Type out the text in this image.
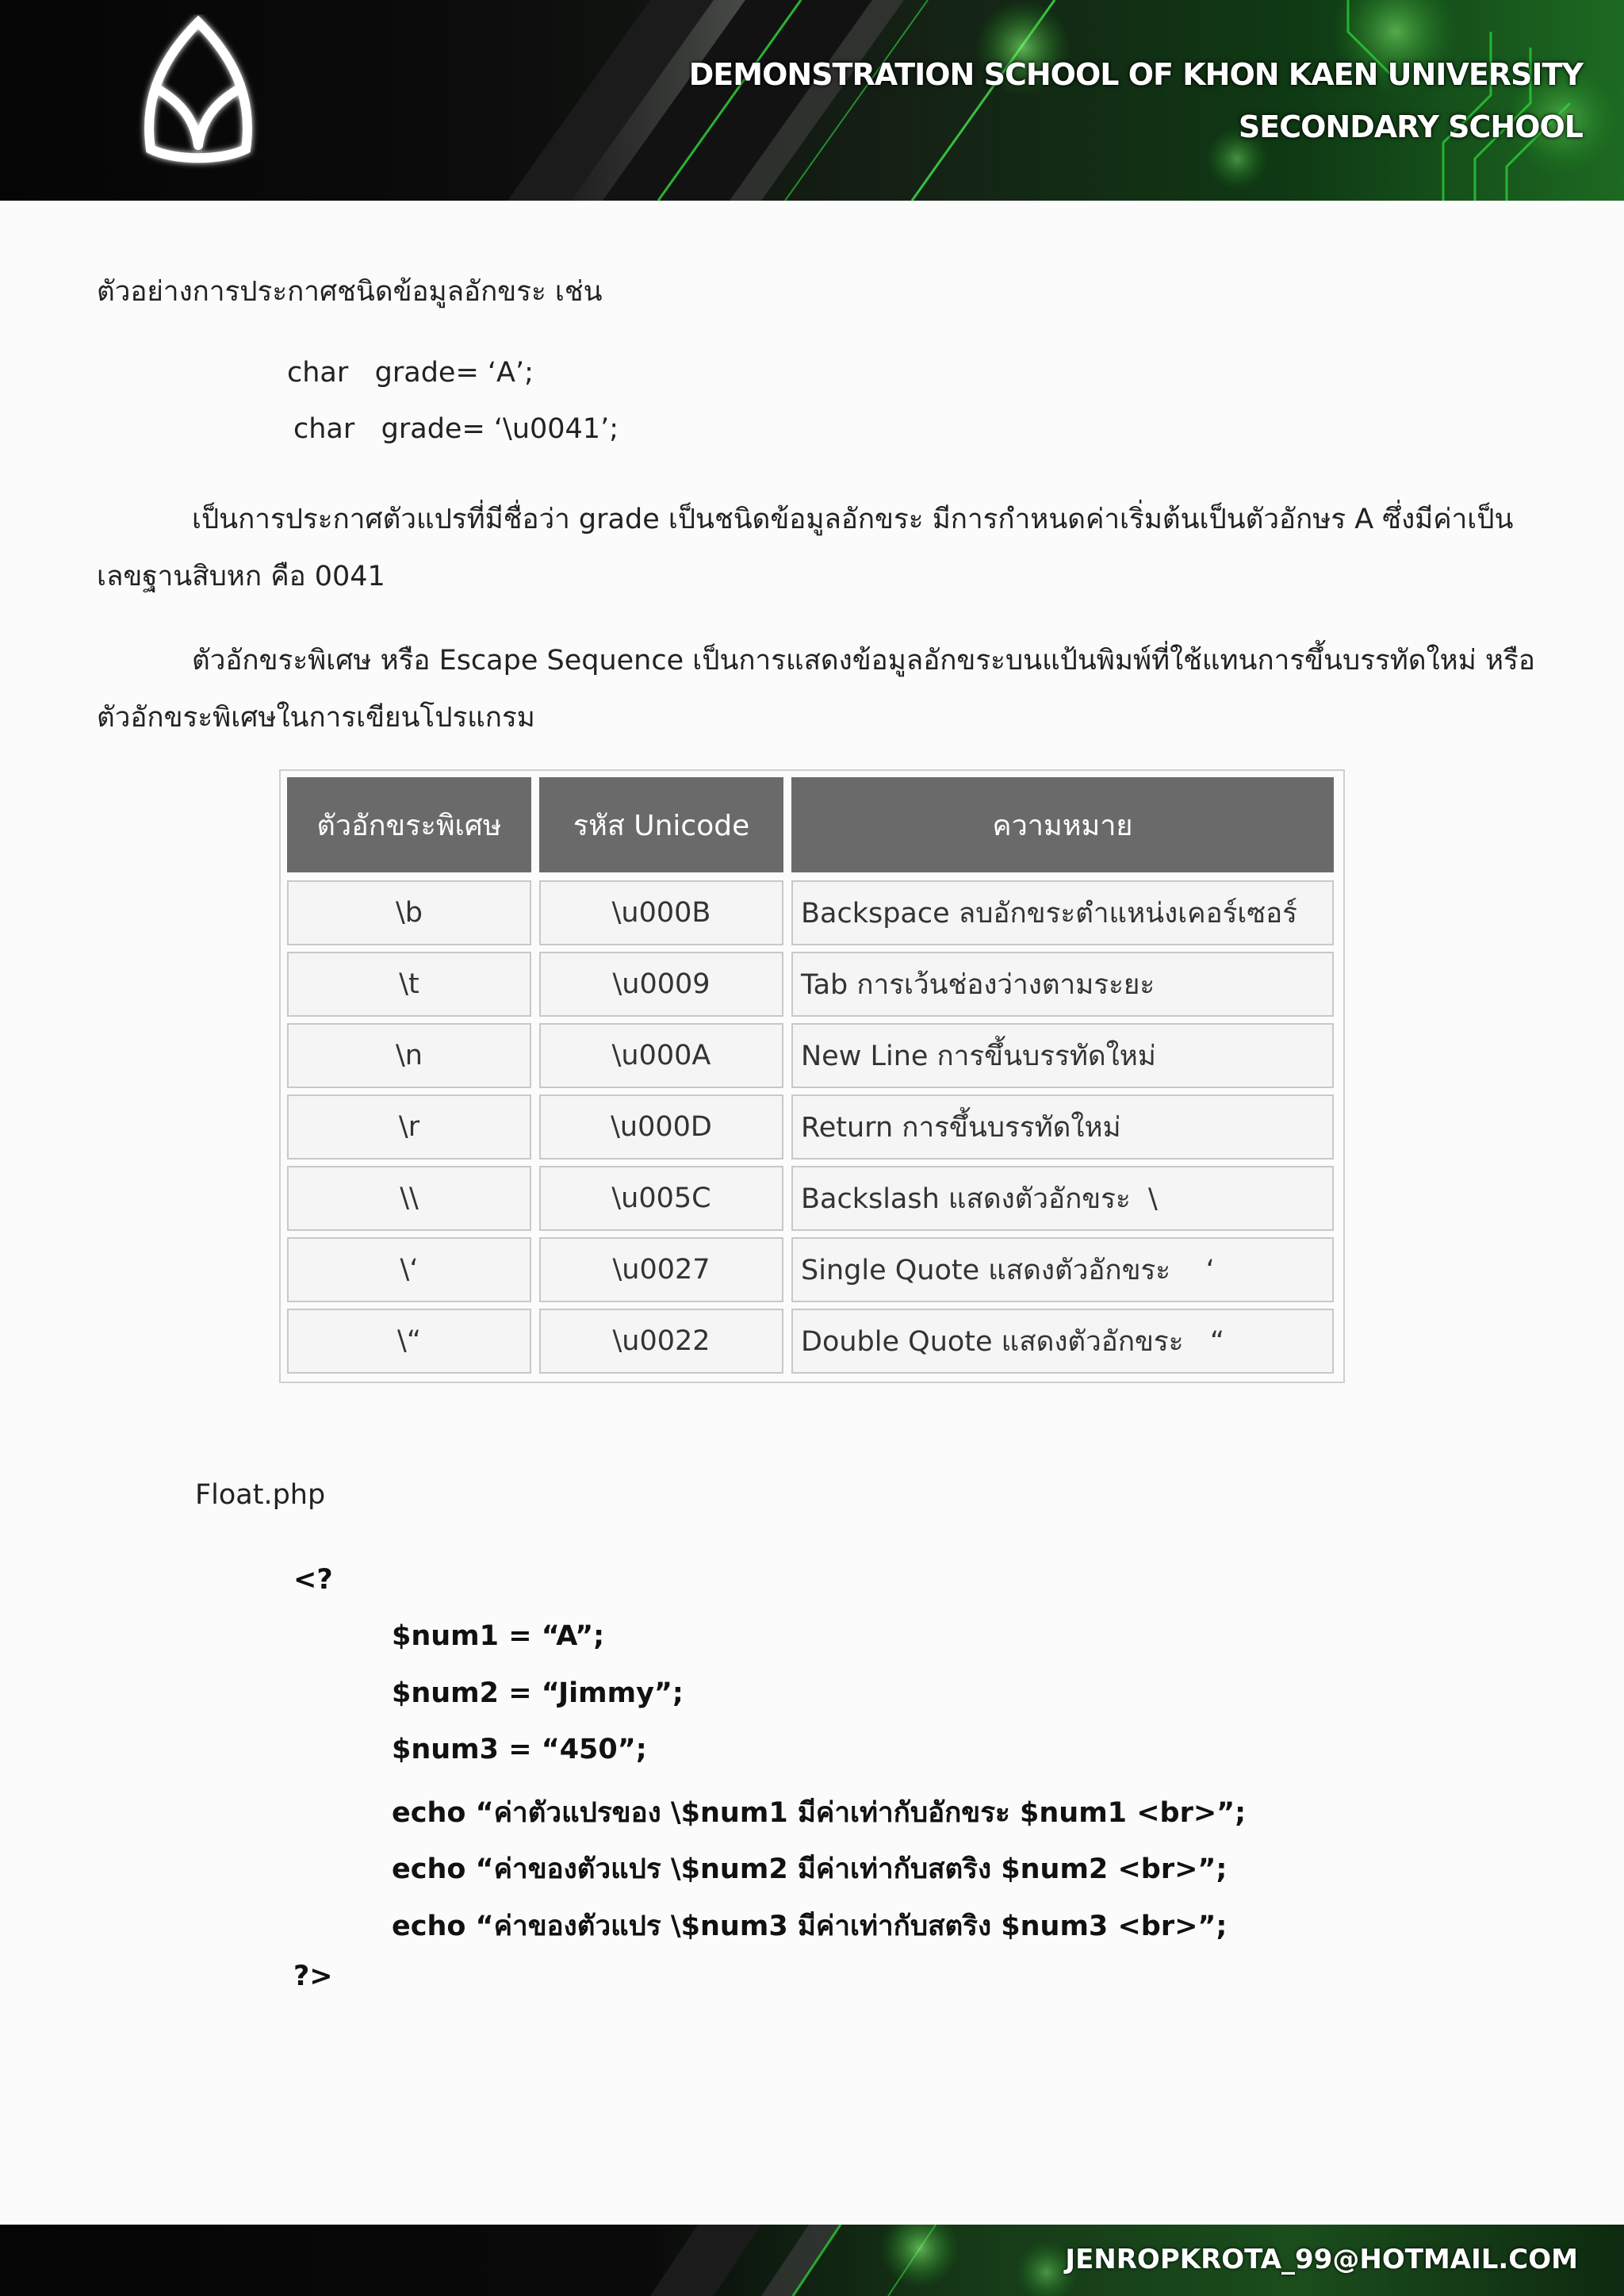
DEMONSTRATION SCHOOL OF KHON KAEN UNIVERSITY
SECONDARY SCHOOL
ตัวอย่างการประกาศชนิดข้อมูลอักขระ เช่น
char   grade= ‘A’;
char   grade= ‘\u0041’;
เป็นการประกาศตัวแปรที่มีชื่อว่า grade เป็นชนิดข้อมูลอักขระ มีการกำหนดค่าเริ่มต้นเป็นตัวอักษร A ซึ่งมีค่าเป็น
เลขฐานสิบหก คือ 0041
ตัวอักขระพิเศษ หรือ Escape Sequence เป็นการแสดงข้อมูลอักขระบนแป้นพิมพ์ที่ใช้แทนการขึ้นบรรทัดใหม่ หรือ
ตัวอักขระพิเศษในการเขียนโปรแกรม
ตัวอักขระพิเศษ	รหัส Unicode	ความหมาย
\b	\u000B	Backspace ลบอักขระตำแหน่งเคอร์เซอร์
\t	\u0009	Tab การเว้นช่องว่างตามระยะ
\n	\u000A	New Line การขึ้นบรรทัดใหม่
\r	\u000D	Return การขึ้นบรรทัดใหม่
\\	\u005C	Backslash แสดงตัวอักขระ  \
\‘	\u0027	Single Quote แสดงตัวอักขระ    ‘
\“	\u0022	Double Quote แสดงตัวอักขระ   “
Float.php
<?
$num1 = “A”;
$num2 = “Jimmy”;
$num3 = “450”;
echo “ค่าตัวแปรของ \$num1 มีค่าเท่ากับอักขระ $num1 <br>”;
echo “ค่าของตัวแปร \$num2 มีค่าเท่ากับสตริง $num2 <br>”;
echo “ค่าของตัวแปร \$num3 มีค่าเท่ากับสตริง $num3 <br>”;
?>
JENROPKROTA_99@HOTMAIL.COM
